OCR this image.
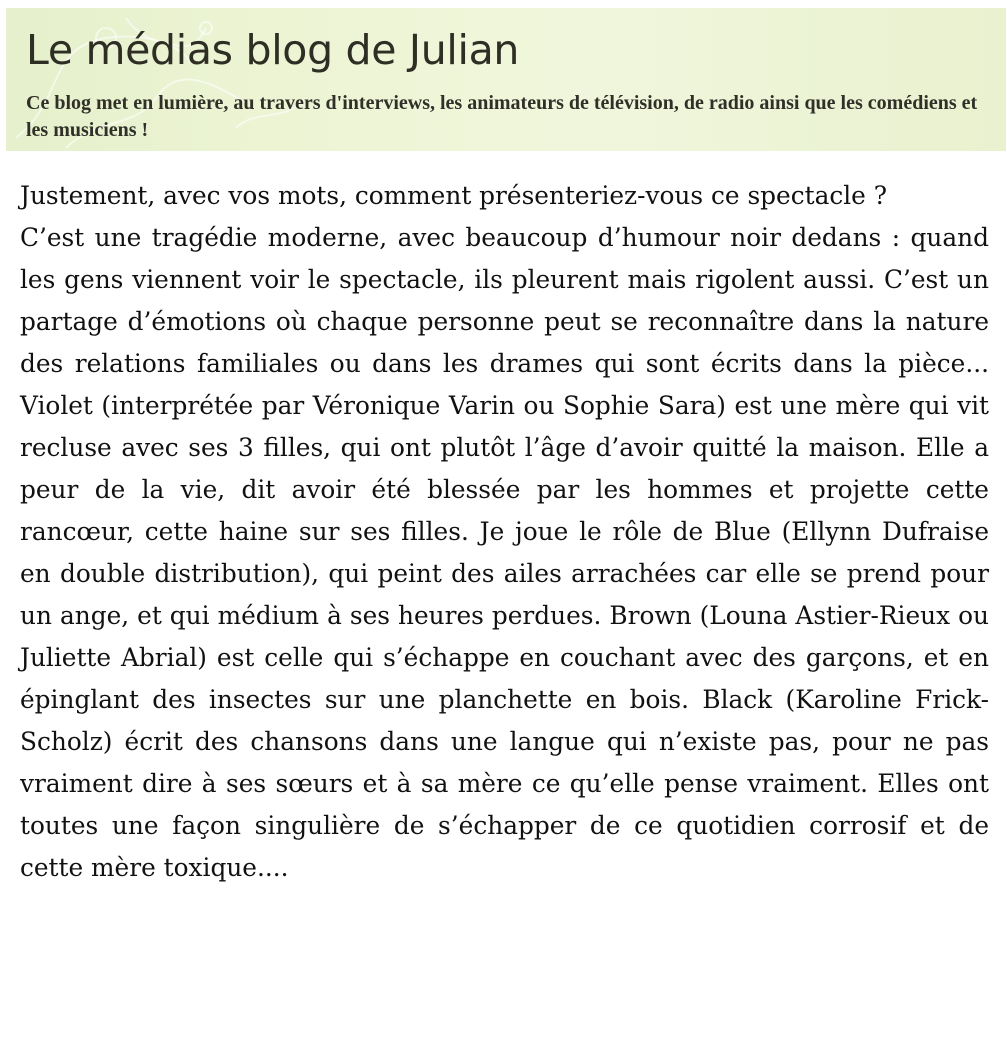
Le médias blog de Julian

Ce blog met en lumière, au travers d'interviews, les animateurs de télévision, de radio ainsi que les comédiens et les musiciens !

Justement, avec vos mots, comment présenteriez-vous ce spectacle ?

C’est une tragédie moderne, avec beaucoup d’humour noir dedans : quand les gens viennent voir le spectacle, ils pleurent mais rigolent aussi. C’est un partage d’émotions où chaque personne peut se reconnaître dans la nature des relations familiales ou dans les drames qui sont écrits dans la pièce... Violet (interprétée par Véronique Varin ou Sophie Sara) est une mère qui vit recluse avec ses 3 filles, qui ont plutôt l’âge d’avoir quitté la maison. Elle a peur de la vie, dit avoir été blessée par les hommes et projette cette rancœur, cette haine sur ses filles. Je joue le rôle de Blue (Ellynn Dufraise en double distribution), qui peint des ailes arrachées car elle se prend pour un ange, et qui médium à ses heures perdues. Brown (Louna Astier-Rieux ou Juliette Abrial) est celle qui s’échappe en couchant avec des garçons, et en épinglant des insectes sur une planchette en bois. Black (Karoline Frick-Scholz) écrit des chansons dans une langue qui n’existe pas, pour ne pas vraiment dire à ses sœurs et à sa mère ce qu’elle pense vraiment. Elles ont toutes une façon singulière de s’échapper de ce quotidien corrosif et de cette mère toxique....
